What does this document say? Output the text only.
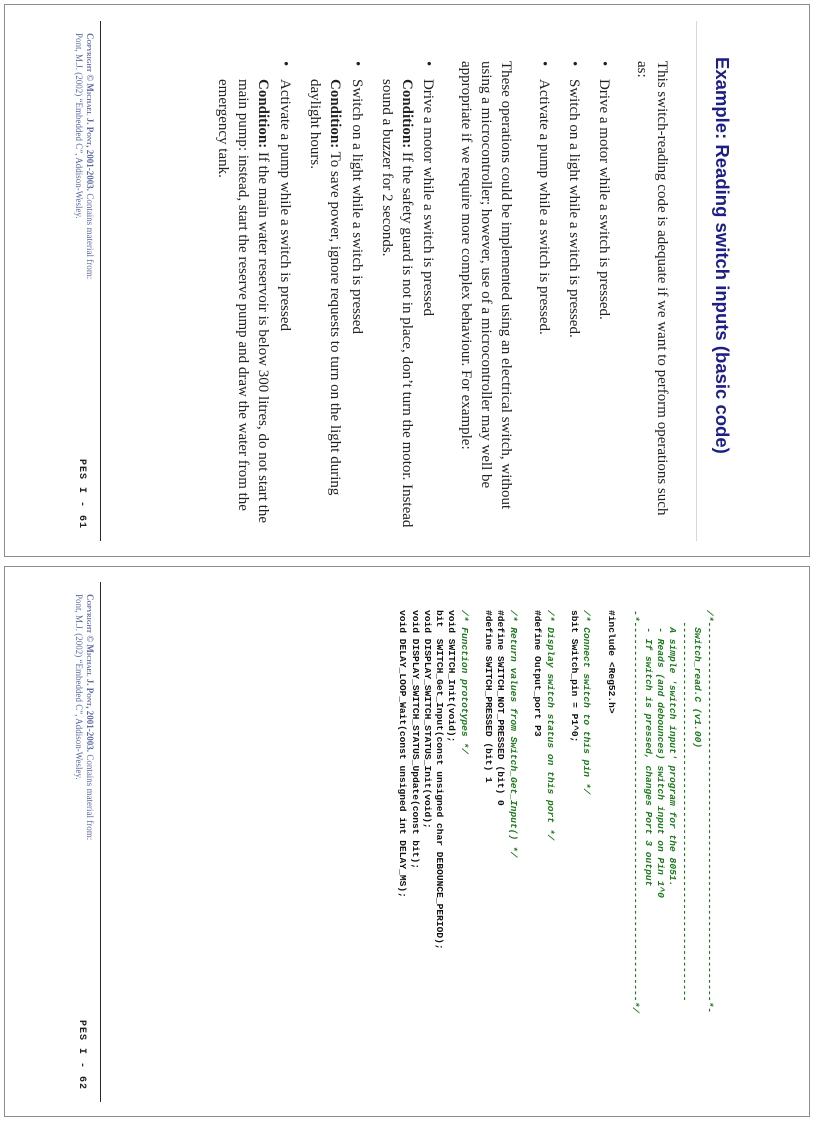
Example: Reading switch inputs (basic code)

This switch-reading code is adequate if we want to perform operations such as:

•
Drive a motor while a switch is pressed.
•
Switch on a light while a switch is pressed.
•
Activate a pump while a switch is pressed.

These operations could be implemented using an electrical switch, without using a microcontroller; however, use of a microcontroller may well be appropriate if we require more complex behaviour. For example:

•
Drive a motor while a switch is pressed
Condition: If the safety guard is not in place, don’t turn the motor. Instead sound a buzzer for 2 seconds.
•
Switch on a light while a switch is pressed
Condition: To save power, ignore requests to turn on the light during daylight hours.
•
Activate a pump while a switch is pressed
Condition: If the main water reservoir is below 300 litres, do not start the main pump: instead, start the reserve pump and draw the water from the emergency tank.
Copyright © Michael J. Pont, 2001-2003. Contains material from:
Pont, M.J. (2002) “Embedded C”, Addison-Wesley.
PES I - 61
/*------------------------------------------------------------------*-
Switch_read.C (v1.00)
------------------------------------------------------------------
A simple 'switch input' program for the 8051.
- Reads (and debounces) switch input on Pin 1^0
- If switch is pressed, changes Port 3 output
-*------------------------------------------------------------------*/

#include <Reg52.h>

/* Connect switch to this pin */
sbit Switch_pin = P1^0;

/* Display switch status on this port */
#define Output_port P3

/* Return values from Switch_Get_Input() */
#define SWITCH_NOT_PRESSED (bit) 0
#define SWITCH_PRESSED (bit) 1

/* Function prototypes */
void SWITCH_Init(void);
bit  SWITCH_Get_Input(const unsigned char DEBOUNCE_PERIOD);
void DISPLAY_SWITCH_STATUS_Init(void);
void DISPLAY_SWITCH_STATUS_Update(const bit);
void DELAY_LOOP_Wait(const unsigned int DELAY_MS);
Copyright © Michael J. Pont, 2001-2003. Contains material from:
Pont, M.J. (2002) “Embedded C”, Addison-Wesley.
PES I - 62
